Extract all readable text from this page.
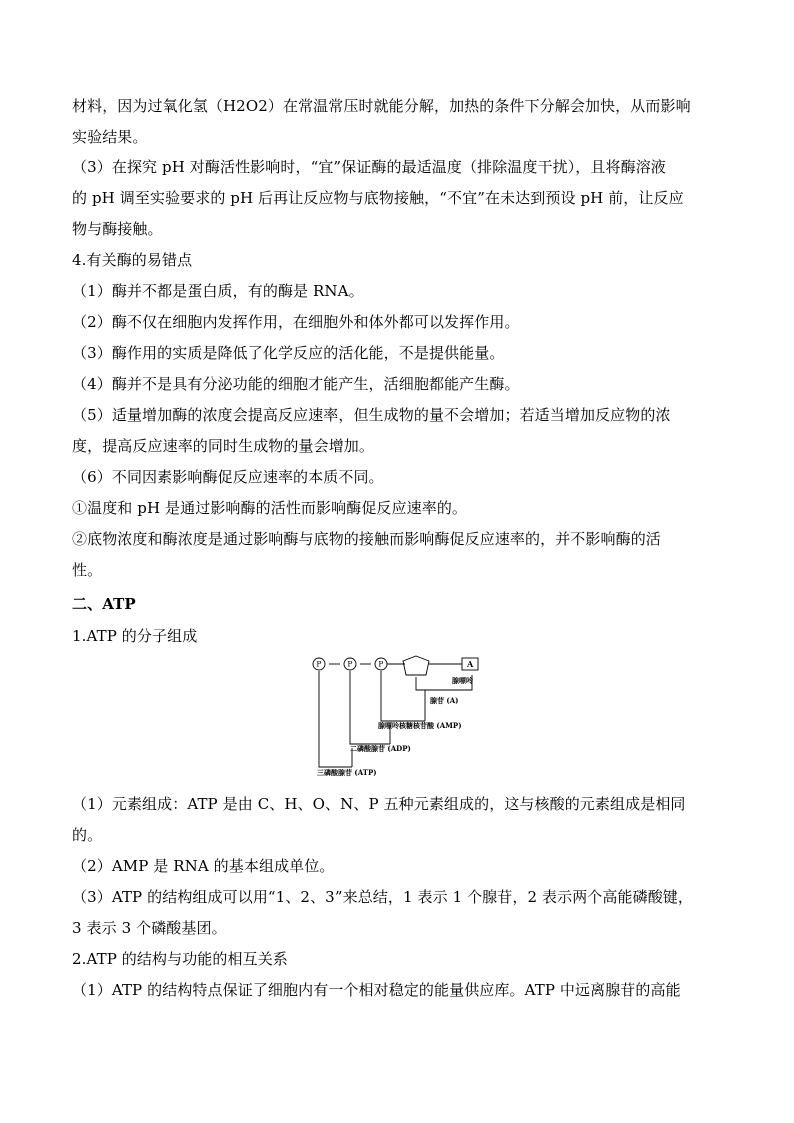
材料，因为过氧化氢（H2O2）在常温常压时就能分解，加热的条件下分解会加快，从而影响
实验结果。
（3）在探究 pH 对酶活性影响时，“宜”保证酶的最适温度（排除温度干扰），且将酶溶液
的 pH 调至实验要求的 pH 后再让反应物与底物接触，“不宜”在未达到预设 pH 前，让反应
物与酶接触。
4.有关酶的易错点
（1）酶并不都是蛋白质，有的酶是 RNA。
（2）酶不仅在细胞内发挥作用，在细胞外和体外都可以发挥作用。
（3）酶作用的实质是降低了化学反应的活化能，不是提供能量。
（4）酶并不是具有分泌功能的细胞才能产生，活细胞都能产生酶。
（5）适量增加酶的浓度会提高反应速率，但生成物的量不会增加；若适当增加反应物的浓
度，提高反应速率的同时生成物的量会增加。
（6）不同因素影响酶促反应速率的本质不同。
①温度和 pH 是通过影响酶的活性而影响酶促反应速率的。
②底物浓度和酶浓度是通过影响酶与底物的接触而影响酶促反应速率的，并不影响酶的活
性。
二、ATP
1.ATP 的分子组成
P	P	P	A
腺嘌呤
腺苷 (A)
腺嘌呤核糖核苷酸 (AMP)
二磷酸腺苷 (ADP)
三磷酸腺苷 (ATP)
（1）元素组成：ATP 是由 C、H、O、N、P 五种元素组成的，这与核酸的元素组成是相同
的。
（2）AMP 是 RNA 的基本组成单位。
（3）ATP 的结构组成可以用“1、2、3”来总结，1 表示 1 个腺苷，2 表示两个高能磷酸键，
3 表示 3 个磷酸基团。
2.ATP 的结构与功能的相互关系
（1）ATP 的结构特点保证了细胞内有一个相对稳定的能量供应库。ATP 中远离腺苷的高能
